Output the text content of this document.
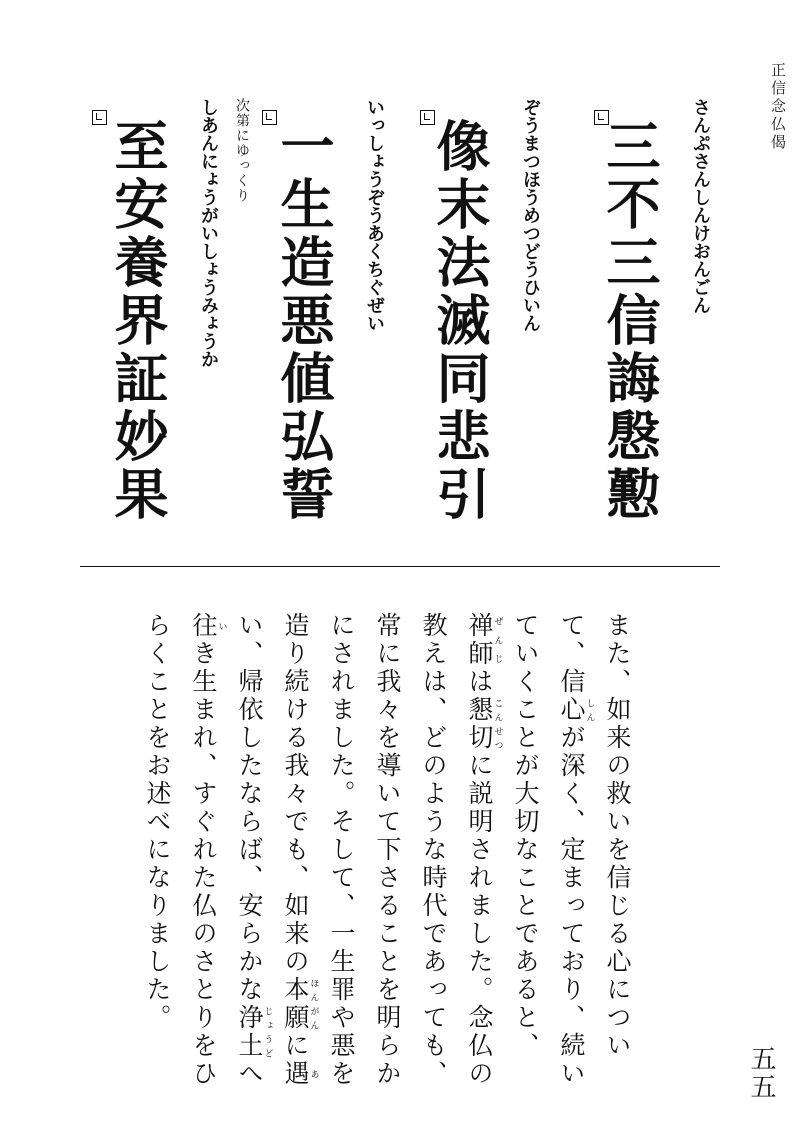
正信念仏偈
三不三信誨慇懃	さんぷさんしんけおんごん
像末法滅同悲引	ぞうまつほうめつどうひいん
一生造悪値弘誓	いっしょうぞうあくちぐぜい
至安養界証妙果	しあんにょうがいしょうみょうか 次第にゆっくり

また、如来の救いを信じる心について、信心しんが深く、定まっており、続いていくことが大切なことであると、禅師ぜんじは懇切こんせつに説明されました。念仏の教えは、どのような時代であっても、常に我々を導いて下さることを明らかにされました。そして、一生罪や悪を造り続ける我々でも、如来の本願ほんがんに遇あい、帰依したならば、安らかな浄土じょうどへ往いき生まれ、すぐれた仏のさとりをひらくことをお述べになりました。

五五
